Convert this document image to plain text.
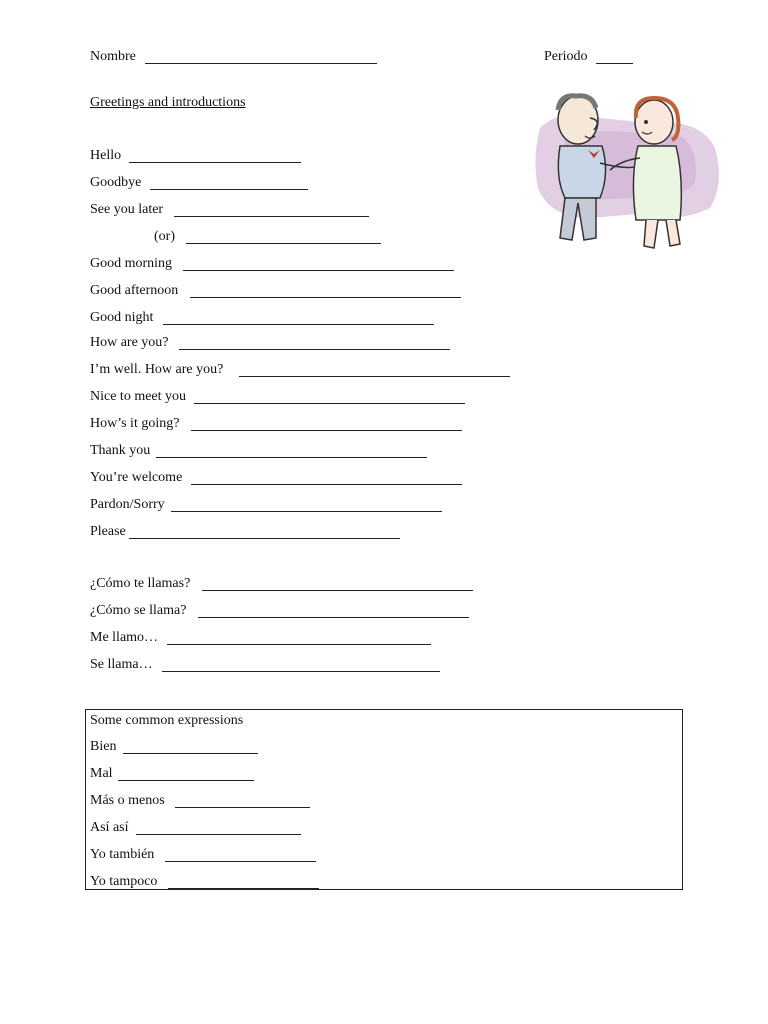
Nombre	Periodo
Greetings and introductions
Hello
Goodbye
See you later
(or)
Good morning
Good afternoon
Good night
How are you?
I’m well. How are you?
Nice to meet you
How’s it going?
Thank you
You’re welcome
Pardon/Sorry
Please
¿Cómo te llamas?
¿Cómo se llama?
Me llamo…
Se llama…
Some common expressions
Bien
Mal
Más o menos
Así así
Yo también
Yo tampoco
